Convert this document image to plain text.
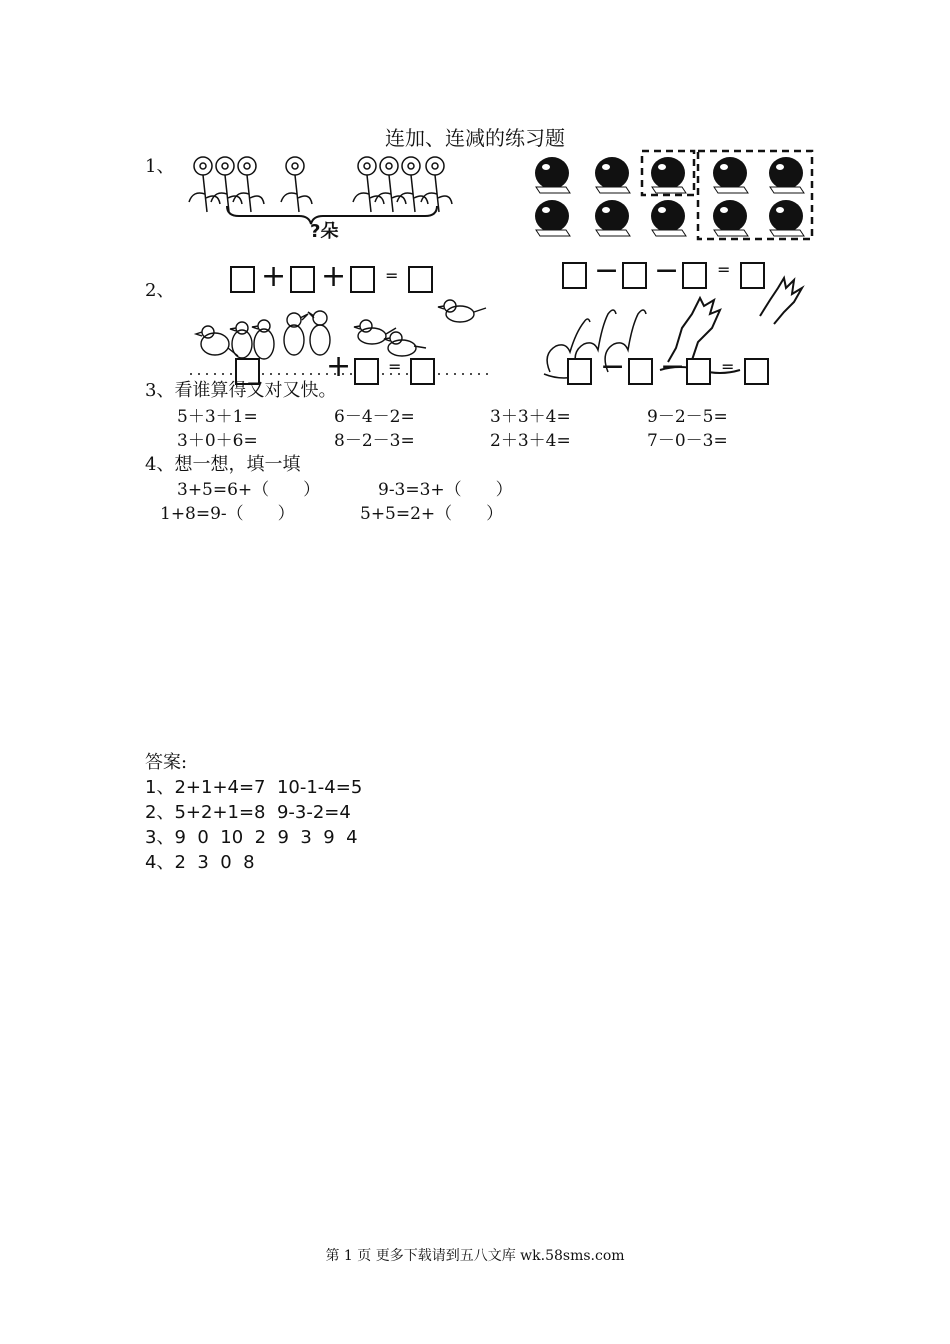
连加、连减的练习题
1、
?朵
2、	+ + =	− − =
+ =	− − =
3、看谁算得又对又快。
5＋3＋1=	6－4－2=	3＋3＋4=	9－2－5=
3＋0＋6=	8－2－3=	2＋3＋4=	7－0－3=
4、想一想，填一填
3+5=6+（　　）	9-3=3+（　　）
1+8=9-（　　）	5+5=2+（　　）
答案:
1、2+1+4=7  10-1-4=5
2、5+2+1=8  9-3-2=4
3、9  0  10  2  9  3  9  4
4、2  3  0  8
第 1 页 更多下载请到五八文库 wk.58sms.com
